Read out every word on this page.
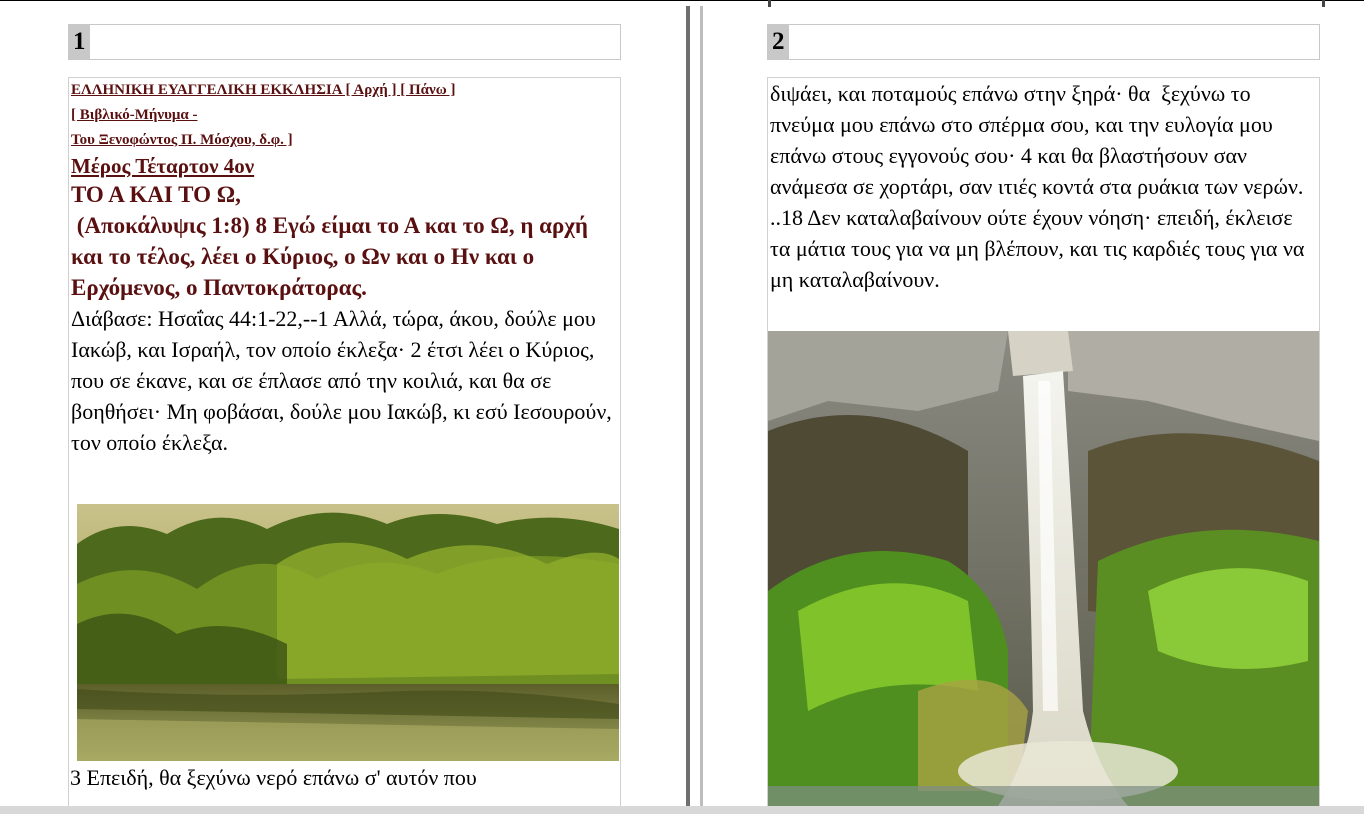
1
ΕΛΛΗΝΙΚΗ ΕΥΑΓΓΕΛΙΚΗ ΕΚΚΛΗΣΙΑ [ Αρχή ] [ Πάνω ]
[ Βιβλικό-Μήνυμα -
Του Ξενοφώντος Π. Μόσχου, δ.φ. ]
Μέρος Τέταρτον 4ον
ΤΟ Α ΚΑΙ ΤΟ Ω,
(Αποκάλυψις 1:8) 8 Εγώ είμαι το Α και το Ω, η αρχή και το τέλος, λέει ο Κύριος, ο Ων και ο Ην και ο Ερχόμενος, ο Παντοκράτορας.
Διάβασε: Ησαΐας 44:1-22,--1 Αλλά, τώρα, άκου, δούλε μου Ιακώβ, και Ισραήλ, τον οποίο έκλεξα· 2 έτσι λέει ο Κύριος, που σε έκανε, και σε έπλασε από την κοιλιά, και θα σε βοηθήσει· Μη φοβάσαι, δούλε μου Ιακώβ, κι εσύ Ιεσουρούν, τον οποίο έκλεξα.
3 Επειδή, θα ξεχύνω νερό επάνω σ' αυτόν που
2
διψάει, και ποταμούς επάνω στην ξηρά· θα  ξεχύνω το πνεύμα μου επάνω στο σπέρμα σου, και την ευλογία μου επάνω στους εγγονούς σου· 4 και θα βλαστήσουν σαν ανάμεσα σε χορτάρι, σαν ιτιές κοντά στα ρυάκια των νερών.  ..18 Δεν καταλαβαίνουν ούτε έχουν νόηση· επειδή, έκλεισε τα μάτια τους για να μη βλέπουν, και τις καρδιές τους για να μη καταλαβαίνουν.
